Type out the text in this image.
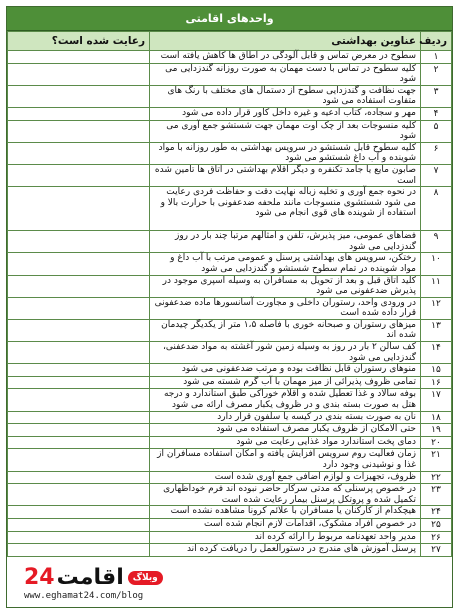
واحدهای اقامتی
ردیف	عناوین بهداشتی	رعایت شده است؟
۱	سطوح در معرض تماس و قابل آلودگی در اطاق ها کاهش یافته است	
۲	کلیه سطوح در تماس با دست مهمان به صورت روزانه گندزدایی می شود	
۳	جهت نظافت و گندزدایی سطوح از دستمال های مختلف با رنگ های متفاوت استفاده می شود	
۴	مهر و سجاده، کتاب ادعیه و غیره داخل کاور قرار داده می شود	
۵	کلیه منسوجات بعد از چک اوت مهمان جهت شستشو جمع آوری می شود	
۶	کلیه سطوح قابل شستشو در سرویس بهداشتی به طور روزانه با مواد شوینده و آب داغ شستشو می شود	
۷	صابون مایع یا جامد تکنفره و دیگر اقلام بهداشتی در اتاق ها تامین شده است	
۸	در نحوه جمع آوری و تخلیه زباله نهایت دقت و حفاظت فردی رعایت می شود شستشوی منسوجات مانند ملحفه ضدعفونی با حرارت بالا و استفاده از شوینده های قوی انجام می شود	
۹	فضاهای عمومی، میز پذیرش، تلفن و امثالهم مرتبا چند بار در روز گندزدایی می شود	
۱۰	رختکن، سرویس های بهداشتی پرسنل و عمومی مرتب با آب داغ و مواد شوینده در تمام سطوح شستشو و گندزدایی می شود	
۱۱	کلید اتاق قبل و بعد از تحویل به مسافران به وسیله اسپری موجود در پذیرش ضدعفونی می شود	
۱۲	در ورودی واحد، رستوران داخلی و مجاورت آسانسورها ماده ضدعفونی قرار داده شده است	
۱۳	میزهای رستوران و صبحانه خوری با فاصله ۱،۵ متر از یکدیگر چیدمان شده اند	
۱۴	کف سالن ۲ بار در روز به وسیله زمین شور آغشته به مواد ضدعفنی، گندزدایی می شود	
۱۵	منوهای رستوران قابل نظافت بوده و مرتب ضدعفونی می شود	
۱۶	تمامی ظروف پذیرائی از میز مهمان با آب گرم شسته می شود	
۱۷	بوفه سالاد و غذا تعطیل شده و اقلام خوراکی طبق استاندارد و درجه هتل به صورت بسته بندی و در ظروف یکبار مصرف ارائه می شود	
۱۸	نان به صورت بسته بندی در کیسه یا سلفون قرار دارد	
۱۹	حتی الامکان از ظروف یکبار مصرف استفاده می شود	
۲۰	دمای پخت استاندارد مواد غذایی رعایت می شود	
۲۱	زمان فعالیت روم سرویس افزایش یافته و امکان استفاده مسافران از غذا و نوشیدنی وجود دارد	
۲۲	ظروف، تجهیزات و لوازم اضافی جمع آوری شده است	
۲۳	در خصوص پرسنلی که مدتی سرکار حاضر نبوده اند فرم خوداظهاری تکمیل شده و پروتکل پرسنل بیمار رعایت شده است	
۲۴	هیچکدام از کارکنان یا مسافران با علائم کرونا مشاهده نشده است	
۲۵	در خصوص افراد مشکوک، اقدامات لازم انجام شده است	
۲۶	مدیر واحد تعهدنامه مربوط را ارائه کرده اند	
۲۷	پرسنل آموزش های مندرج در دستورالعمل را دریافت کرده اند	
24 اقامت	وبلاگ
www.eghamat24.com/blog
